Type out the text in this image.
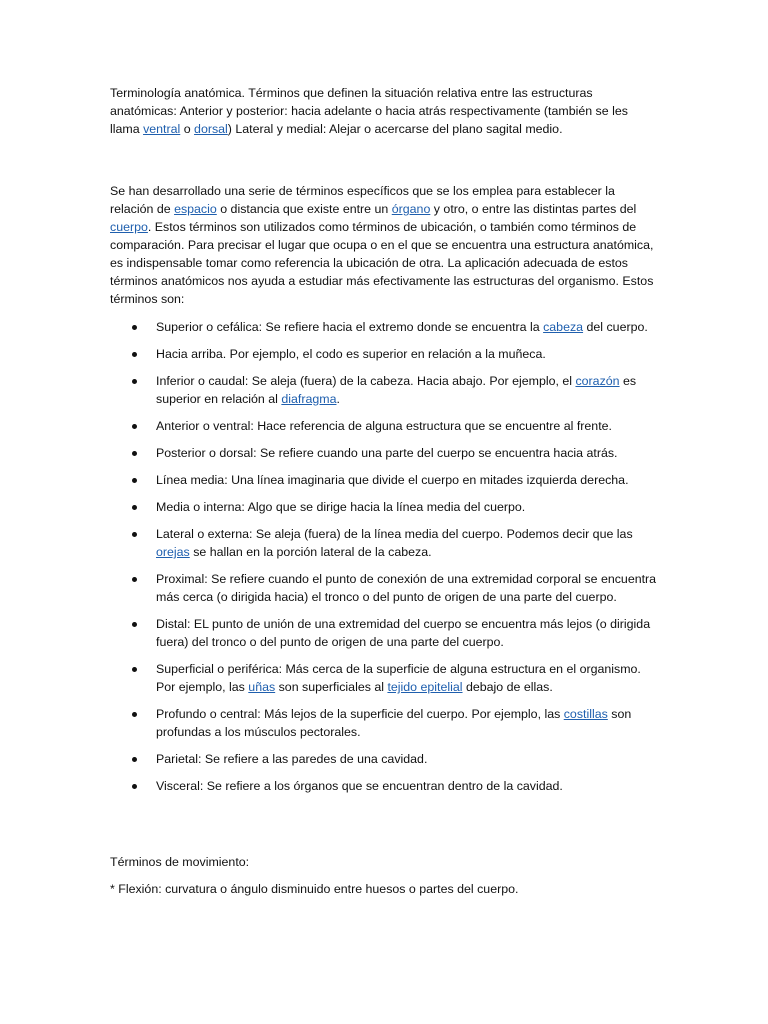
Terminología anatómica. Términos que definen la situación relativa entre las estructuras anatómicas: Anterior y posterior: hacia adelante o hacia atrás respectivamente (también se les llama ventral o dorsal) Lateral y medial: Alejar o acercarse del plano sagital medio.

Se han desarrollado una serie de términos específicos que se los emplea para establecer la relación de espacio o distancia que existe entre un órgano y otro, o entre las distintas partes del cuerpo. Estos términos son utilizados como términos de ubicación, o también como términos de comparación. Para precisar el lugar que ocupa o en el que se encuentra una estructura anatómica, es indispensable tomar como referencia la ubicación de otra. La aplicación adecuada de estos términos anatómicos nos ayuda a estudiar más efectivamente las estructuras del organismo. Estos términos son:

Superior o cefálica: Se refiere hacia el extremo donde se encuentra la cabeza del cuerpo.
Hacia arriba. Por ejemplo, el codo es superior en relación a la muñeca.
Inferior o caudal: Se aleja (fuera) de la cabeza. Hacia abajo. Por ejemplo, el corazón es superior en relación al diafragma.
Anterior o ventral: Hace referencia de alguna estructura que se encuentre al frente.
Posterior o dorsal: Se refiere cuando una parte del cuerpo se encuentra hacia atrás.
Línea media: Una línea imaginaria que divide el cuerpo en mitades izquierda derecha.
Media o interna: Algo que se dirige hacia la línea media del cuerpo.
Lateral o externa: Se aleja (fuera) de la línea media del cuerpo. Podemos decir que las orejas se hallan en la porción lateral de la cabeza.
Proximal: Se refiere cuando el punto de conexión de una extremidad corporal se encuentra más cerca (o dirigida hacia) el tronco o del punto de origen de una parte del cuerpo.
Distal: EL punto de unión de una extremidad del cuerpo se encuentra más lejos (o dirigida fuera) del tronco o del punto de origen de una parte del cuerpo.
Superficial o periférica: Más cerca de la superficie de alguna estructura en el organismo. Por ejemplo, las uñas son superficiales al tejido epitelial debajo de ellas.
Profundo o central: Más lejos de la superficie del cuerpo. Por ejemplo, las costillas son profundas a los músculos pectorales.
Parietal: Se refiere a las paredes de una cavidad.
Visceral: Se refiere a los órganos que se encuentran dentro de la cavidad.

Términos de movimiento:

* Flexión: curvatura o ángulo disminuido entre huesos o partes del cuerpo.
